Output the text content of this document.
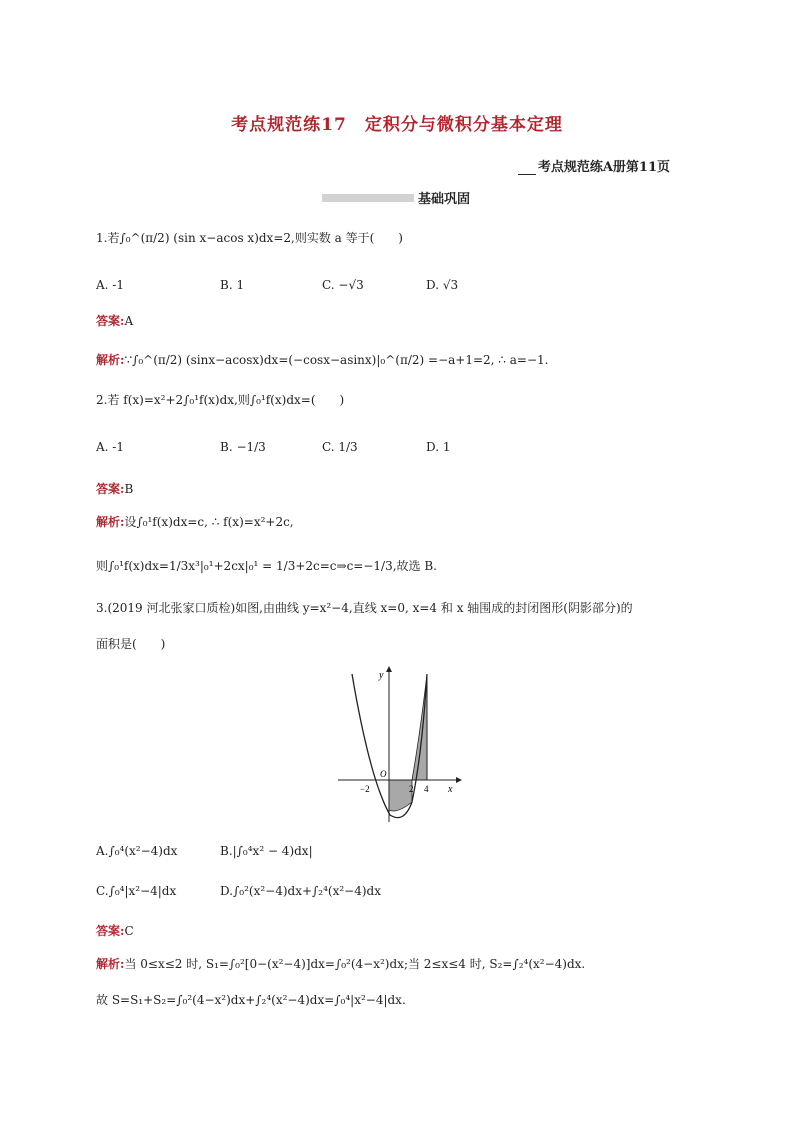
考点规范练17　定积分与微积分基本定理
考点规范练A册第11页
基础巩固
1.若∫₀^(π/2) (sin x−acos x)dx=2,则实数 a 等于(　　)
A. -1	B. 1	C. −√3	D. √3
答案:A
解析:∵∫₀^(π/2) (sinx−acosx)dx=(−cosx−asinx)|₀^(π/2) =−a+1=2, ∴ a=−1.
2.若 f(x)=x²+2∫₀¹f(x)dx,则∫₀¹f(x)dx=(　　)
A. -1	B. −1/3	C. 1/3	D. 1
答案:B
解析:设∫₀¹f(x)dx=c, ∴ f(x)=x²+2c,
则∫₀¹f(x)dx=1/3x³|₀¹+2cx|₀¹ = 1/3+2c=c⇒c=−1/3,故选 B.
3.(2019 河北张家口质检)如图,由曲线 y=x²−4,直线 x=0, x=4 和 x 轴围成的封闭图形(阴影部分)的
面积是(　　)
y
x
O
−2	2 4
A.∫₀⁴(x²−4)dx	B.|∫₀⁴x² − 4)dx|
C.∫₀⁴|x²−4|dx	D.∫₀²(x²−4)dx+∫₂⁴(x²−4)dx
答案:C
解析:当 0≤x≤2 时, S₁=∫₀²[0−(x²−4)]dx=∫₀²(4−x²)dx;当 2≤x≤4 时, S₂=∫₂⁴(x²−4)dx.
故 S=S₁+S₂=∫₀²(4−x²)dx+∫₂⁴(x²−4)dx=∫₀⁴|x²−4|dx.
